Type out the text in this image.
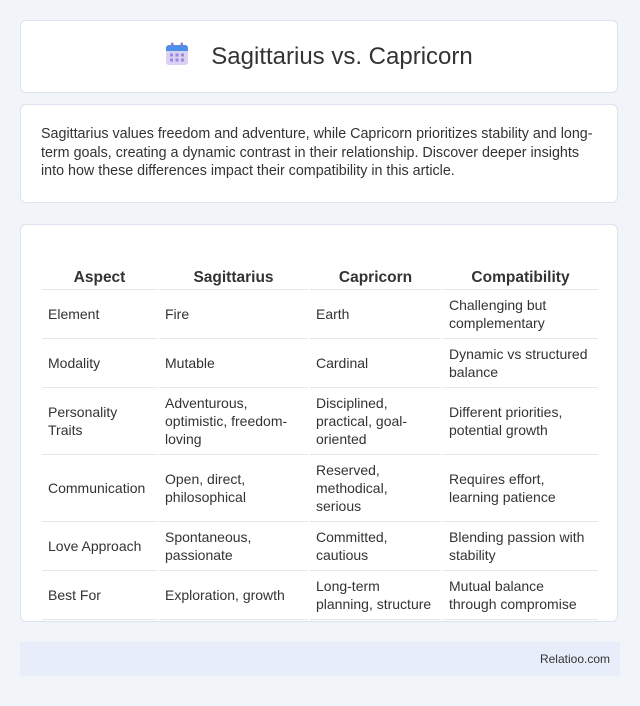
Sagittarius vs. Capricorn

Sagittarius values freedom and adventure, while Capricorn prioritizes stability and long-term goals, creating a dynamic contrast in their relationship. Discover deeper insights into how these differences impact their compatibility in this article.

Aspect	Sagittarius	Capricorn	Compatibility
Element	Fire	Earth	Challenging but complementary
Modality	Mutable	Cardinal	Dynamic vs structured balance
Personality Traits	Adventurous, optimistic, freedom-loving	Disciplined, practical, goal-oriented	Different priorities, potential growth
Communication	Open, direct, philosophical	Reserved, methodical, serious	Requires effort, learning patience
Love Approach	Spontaneous, passionate	Committed, cautious	Blending passion with stability
Best For	Exploration, growth	Long-term planning, structure	Mutual balance through compromise
Relatioo.com
